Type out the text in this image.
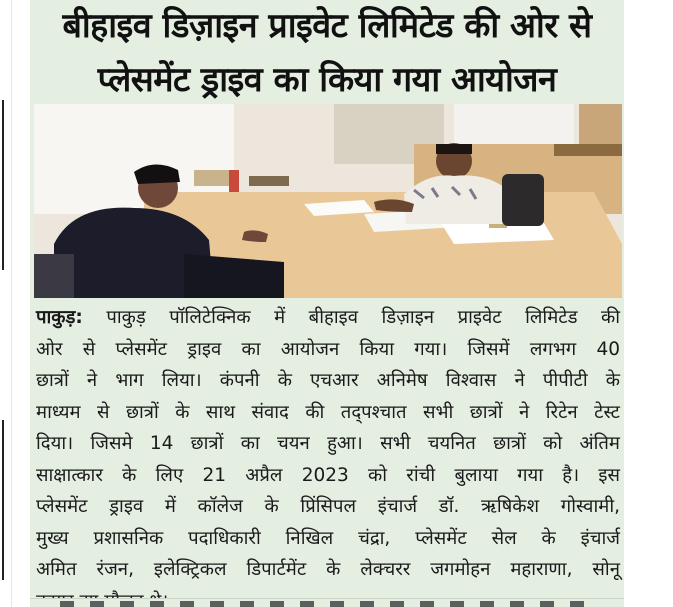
बीहाइव डिज़ाइन प्राइवेट लिमिटेड की ओर से
प्लेसमेंट ड्राइव का किया गया आयोजन
पाकुड़: पाकुड़ पॉलिटेक्निक में बीहाइव डिज़ाइन प्राइवेट लिमिटेड की
ओर से प्लेसमेंट ड्राइव का आयोजन किया गया। जिसमें लगभग 40
छात्रों ने भाग लिया। कंपनी के एचआर अनिमेष विश्वास ने पीपीटी के
माध्यम से छात्रों के साथ संवाद की तद्पश्चात सभी छात्रों ने रिटेन टेस्ट
दिया। जिसमे 14 छात्रों का चयन हुआ। सभी चयनित छात्रों को अंतिम
साक्षात्कार के लिए 21 अप्रैल 2023 को रांची बुलाया गया है। इस
प्लेसमेंट ड्राइव में कॉलेज के प्रिंसिपल इंचार्ज डॉ. ऋषिकेश गोस्वामी,
मुख्य प्रशासनिक पदाधिकारी निखिल चंद्रा, प्लेसमेंट सेल के इंचार्ज
अमित रंजन, इलेक्ट्रिकल डिपार्टमेंट के लेक्चरर जगमोहन महाराणा, सोनू
